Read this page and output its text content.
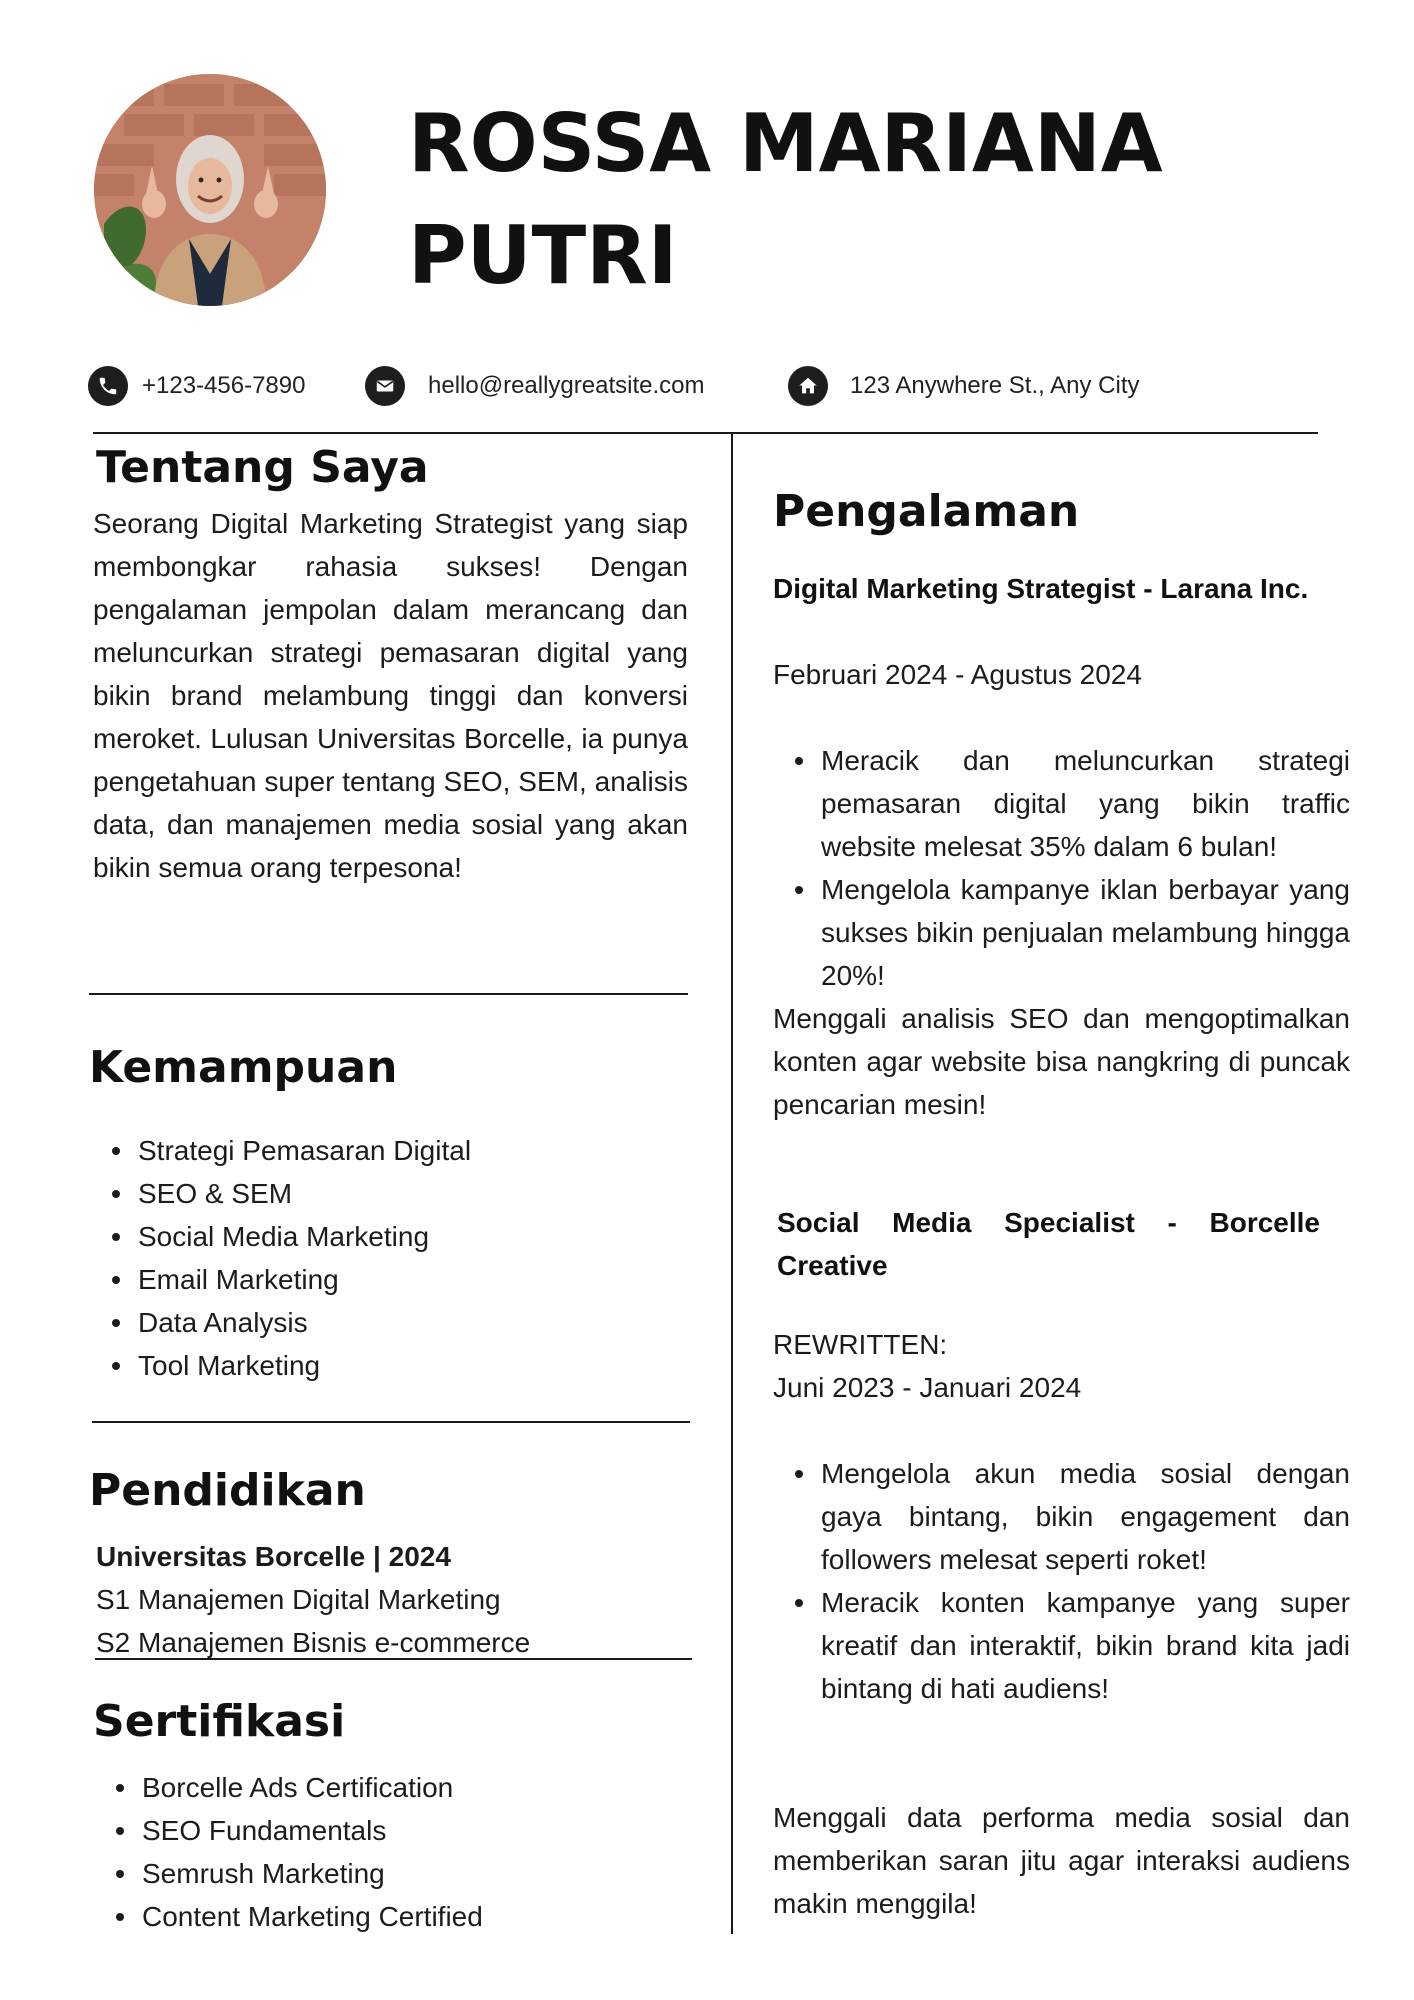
ROSSA MARIANA PUTRI
+123-456-7890	hello@reallygreatsite.com	123 Anywhere St., Any City
Tentang Saya
Seorang Digital Marketing Strategist yang siap membongkar rahasia sukses! Dengan pengalaman jempolan dalam merancang dan meluncurkan strategi pemasaran digital yang bikin brand melambung tinggi dan konversi meroket. Lulusan Universitas Borcelle, ia punya pengetahuan super tentang SEO, SEM, analisis data, dan manajemen media sosial yang akan bikin semua orang terpesona!
Kemampuan
Strategi Pemasaran Digital
SEO & SEM
Social Media Marketing
Email Marketing
Data Analysis
Tool Marketing
Pendidikan
Universitas Borcelle | 2024
S1 Manajemen Digital Marketing
S2 Manajemen Bisnis e-commerce
Sertifikasi
Borcelle Ads Certification
SEO Fundamentals
Semrush Marketing
Content Marketing Certified
Pengalaman
Digital Marketing Strategist - Larana Inc.
Februari 2024 - Agustus 2024
Meracik dan meluncurkan strategi pemasaran digital yang bikin traffic website melesat 35% dalam 6 bulan!
Mengelola kampanye iklan berbayar yang sukses bikin penjualan melambung hingga 20%!
Menggali analisis SEO dan mengoptimalkan konten agar website bisa nangkring di puncak pencarian mesin!
Social Media Specialist - Borcelle Creative
REWRITTEN:
Juni 2023 - Januari 2024
Mengelola akun media sosial dengan gaya bintang, bikin engagement dan followers melesat seperti roket!
Meracik konten kampanye yang super kreatif dan interaktif, bikin brand kita jadi bintang di hati audiens!
Menggali data performa media sosial dan memberikan saran jitu agar interaksi audiens makin menggila!
